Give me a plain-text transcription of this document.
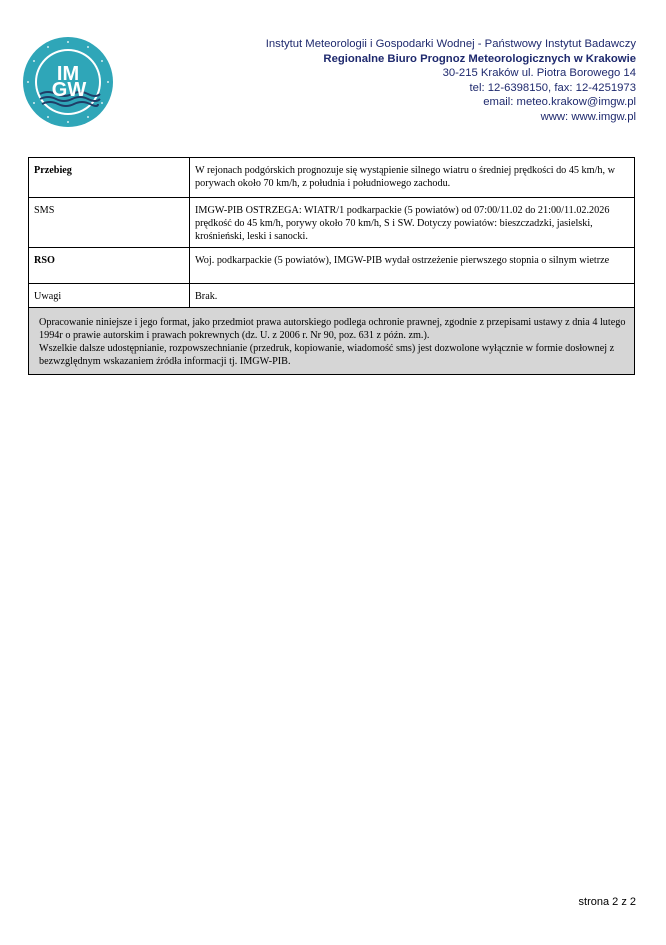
IM
GW
Instytut Meteorologii i Gospodarki Wodnej - Państwowy Instytut Badawczy
Regionalne Biuro Prognoz Meteorologicznych w Krakowie
30-215 Kraków ul. Piotra Borowego 14
tel: 12-6398150, fax: 12-4251973
email: meteo.krakow@imgw.pl
www: www.imgw.pl
Przebieg	W rejonach podgórskich prognozuje się wystąpienie silnego wiatru o średniej prędkości do 45 km/h, w porywach około 70 km/h, z południa i południowego zachodu.
SMS	IMGW-PIB OSTRZEGA: WIATR/1 podkarpackie (5 powiatów) od 07:00/11.02 do 21:00/11.02.2026 prędkość do 45 km/h, porywy około 70 km/h, S i SW. Dotyczy powiatów: bieszczadzki, jasielski, krośnieński, leski i sanocki.
RSO	Woj. podkarpackie (5 powiatów), IMGW-PIB wydał ostrzeżenie pierwszego stopnia o silnym wietrze
Uwagi	Brak.

Opracowanie niniejsze i jego format, jako przedmiot prawa autorskiego podlega ochronie prawnej, zgodnie z przepisami ustawy z dnia 4 lutego 1994r o prawie autorskim i prawach pokrewnych (dz. U. z 2006 r. Nr 90, poz. 631 z późn. zm.).
Wszelkie dalsze udostępnianie, rozpowszechnianie (przedruk, kopiowanie, wiadomość sms) jest dozwolone wyłącznie w formie dosłownej z bezwzględnym wskazaniem źródła informacji tj. IMGW-PIB.	
strona 2 z 2
